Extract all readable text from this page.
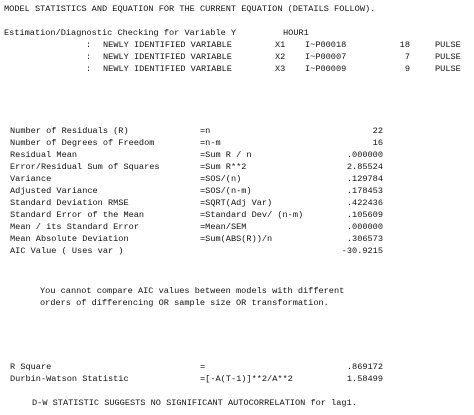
MODEL STATISTICS AND EQUATION FOR THE CURRENT EQUATION (DETAILS FOLLOW).
Estimation/Diagnostic Checking for Variable Y	HOUR1
: NEWLY IDENTIFIED VARIABLE	X1 I~P00018	18	PULSE
: NEWLY IDENTIFIED VARIABLE	X2 I~P00007	7	PULSE
: NEWLY IDENTIFIED VARIABLE	X3 I~P00009	9	PULSE
Number of Residuals (R)	=n	22
Number of Degrees of Freedom	=n-m	16
Residual Mean	=Sum R / n	.000000
Error/Residual Sum of Squares	=Sum R**2	2.85524
Variance	=SOS/(n)	.129784
Adjusted Variance	=SOS/(n-m)	.178453
Standard Deviation RMSE	=SQRT(Adj Var)	.422436
Standard Error of the Mean	=Standard Dev/ (n-m)	.105609
Mean / its Standard Error	=Mean/SEM	.000000
Mean Absolute Deviation	=Sum(ABS(R))/n	.306573
AIC Value ( Uses var )	-30.9215
You cannot compare AIC values between models with different
orders of differencing OR sample size OR transformation.
R Square	=	.869172
Durbin-Watson Statistic	=[-A(T-1)]**2/A**2	1.58499
D-W STATISTIC SUGGESTS NO SIGNIFICANT AUTOCORRELATION for lag1.
